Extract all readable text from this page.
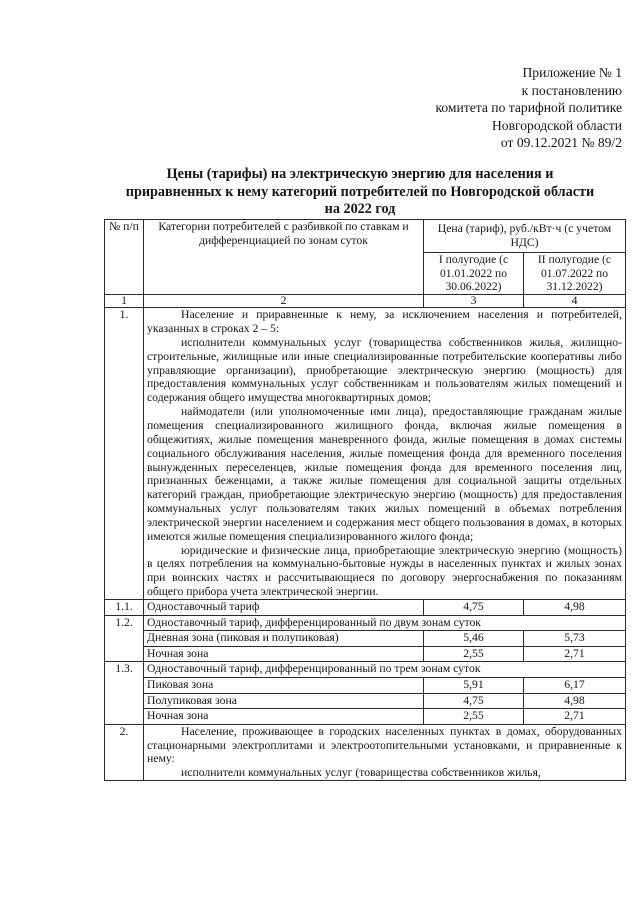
Приложение № 1
к постановлению
комитета по тарифной политике
Новгородской области
от 09.12.2021 № 89/2
Цены (тарифы) на электрическую энергию для населения и
приравненных к нему категорий потребителей по Новгородской области
на 2022 год
№ п/п	Категории потребителей с разбивкой по ставкам и дифференциацией по зонам суток	Цена (тариф), руб./кВт·ч (с учетом НДС)	
		I полугодие (с 01.01.2022 по 30.06.2022)	II полугодие (с 01.07.2022 по 31.12.2022)
1	2	3	4
1.	Население и приравненные к нему, за исключением населения и потребителей, указанных в строках 2 – 5:

исполнители коммунальных услуг (товарищества собственников жилья, жилищно-строительные, жилищные или иные специализированные потребительские кооперативы либо управляющие организации), приобретающие электрическую энергию (мощность) для предоставления коммунальных услуг собственникам и пользователям жилых помещений и содержания общего имущества многоквартирных домов;

наймодатели (или уполномоченные ими лица), предоставляющие гражданам жилые помещения специализированного жилищного фонда, включая жилые помещения в общежитиях, жилые помещения маневренного фонда, жилые помещения в домах системы социального обслуживания населения, жилые помещения фонда для временного поселения вынужденных переселенцев, жилые помещения фонда для временного поселения лиц, признанных беженцами, а также жилые помещения для социальной защиты отдельных категорий граждан, приобретающие электрическую энергию (мощность) для предоставления коммунальных услуг пользователям таких жилых помещений в объемах потребления электрической энергии населением и содержания мест общего пользования в домах, в которых имеются жилые помещения специализированного жилого фонда;

юридические и физические лица, приобретающие электрическую энергию (мощность) в целях потребления на коммунально-бытовые нужды в населенных пунктах и жилых зонах при воинских частях и рассчитывающиеся по договору энергоснабжения по показаниям общего прибора учета электрической энергии.		

1.1.	Одноставочный тариф	4,75	4,98
1.2.	Одноставочный тариф, дифференцированный по двум зонам суток		
	Дневная зона (пиковая и полупиковая)	5,46	5,73
	Ночная зона	2,55	2,71
1.3.	Одноставочный тариф, дифференцированный по трем зонам суток		
	Пиковая зона	5,91	6,17
	Полупиковая зона	4,75	4,98
	Ночная зона	2,55	2,71
2.	Население, проживающее в городских населенных пунктах в домах, оборудованных стационарными электроплитами и электроотопительными установками, и приравненные к нему:

исполнители коммунальных услуг (товарищества собственников жилья,		
